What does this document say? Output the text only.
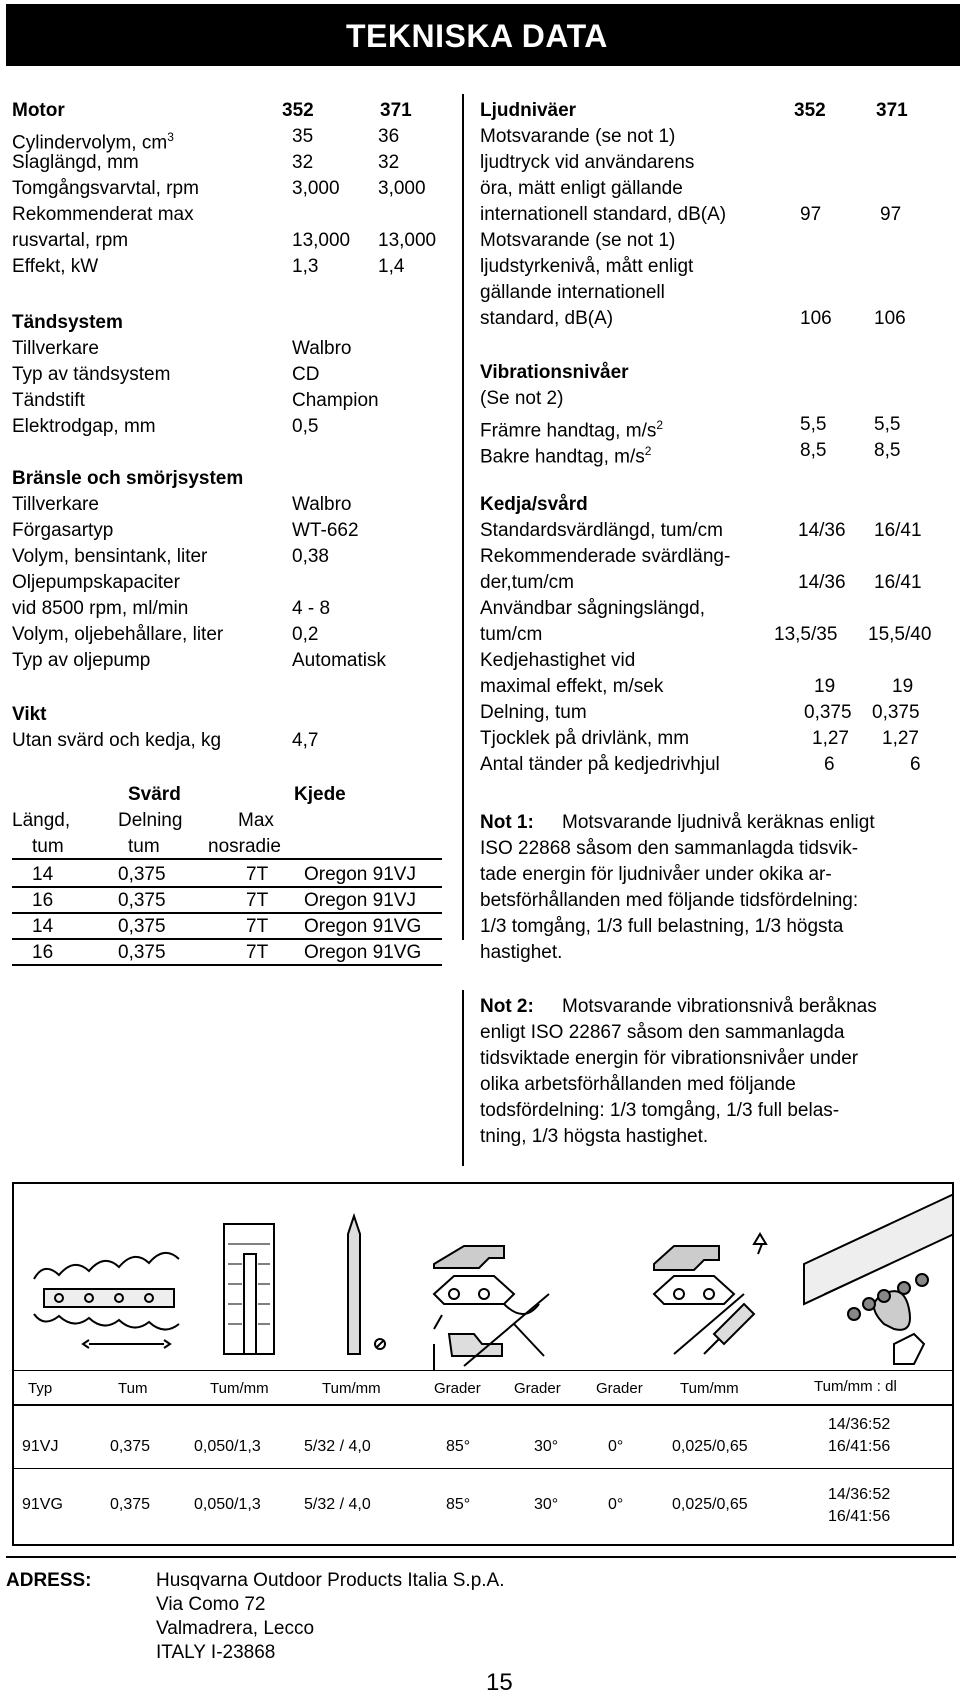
TEKNISKA DATA
Motor	352	371
Cylindervolym, $cm^3$	35	36
Slaglängd, mm	32	32
Tomgångsvarvtal, rpm	3,000 3,000
Rekommenderat max
rusvartal, rpm	13,000 13,000
Effekt, kW	1,3	1,4
Tändsystem
Tillverkare	Walbro
Typ av tändsystem	CD
Tändstift	Champion
Elektrodgap, mm	0,5
Bränsle och smörjsystem
Tillverkare	Walbro
Förgasartyp	WT-662
Volym, bensintank, liter	0,38
Oljepumpskapaciter
vid 8500 rpm, ml/min	4 - 8
Volym, oljebehållare, liter	0,2
Typ av oljepump	Automatisk
Vikt
Utan svärd och kedja, kg	4,7
Svärd	Kjede
Längd,	Delning	Max
tum	tum	nosradie
14	0,375	7T Oregon 91VJ
16	0,375	7T Oregon 91VJ
14	0,375	7T Oregon 91VG
16	0,375	7T Oregon 91VG
Ljudniväer	352	371
Motsvarande (se not 1)
ljudtryck vid användarens
öra, mätt enligt gällande
internationell standard, dB(A)	97	97
Motsvarande (se not 1)
ljudstyrkenivå, mått enligt
gällande internationell
standard, dB(A)	106 106
Vibrationsnivåer
(Se not 2)
Främre handtag, $m/s^2$	5,5	5,5
Bakre handtag, $m/s^2$	8,5	8,5
Kedja/svård
Standardsvärdlängd, tum/cm	14/36 16/41
Rekommenderade svärdläng-
der,tum/cm	14/36 16/41
Användbar sågningslängd,
tum/cm	13,5/35 15,5/40
Kedjehastighet vid
maximal effekt, m/sek	19	19
Delning, tum	0,375 0,375
Tjocklek på drivlänk, mm	1,27 1,27
Antal tänder på kedjedrivhjul	6	6
Not 1: Motsvarande ljudnivå keräknas enligt
ISO 22868 såsom den sammanlagda tidsvik-
tade energin för ljudnivåer under okika ar-
betsförhållanden med följande tidsfördelning:
1/3 tomgång, 1/3 full belastning, 1/3 högsta
hastighet.
Not 2: Motsvarande vibrationsnivå beråknas
enligt ISO 22867 såsom den sammanlagda
tidsviktade energin för vibrationsnivåer under
olika arbetsförhållanden med följande
todsfördelning: 1/3 tomgång, 1/3 full belas-
tning, 1/3 högsta hastighet.
Typ	Tum	Tum/mm	Tum/mm	Grader Grader Grader Tum/mm	Tum/mm : dl
91VJ	0,375	0,050/1,3	5/32 / 4,0	85°	30°	0°	0,025/0,65
14/36:52
16/41:56
91VG	0,375	0,050/1,3	5/32 / 4,0	85°	30°	0°	0,025/0,65
14/36:52
16/41:56
ADRESS:	Husqvarna Outdoor Products Italia S.p.A.
Via Como 72
Valmadrera, Lecco
ITALY I-23868
15
